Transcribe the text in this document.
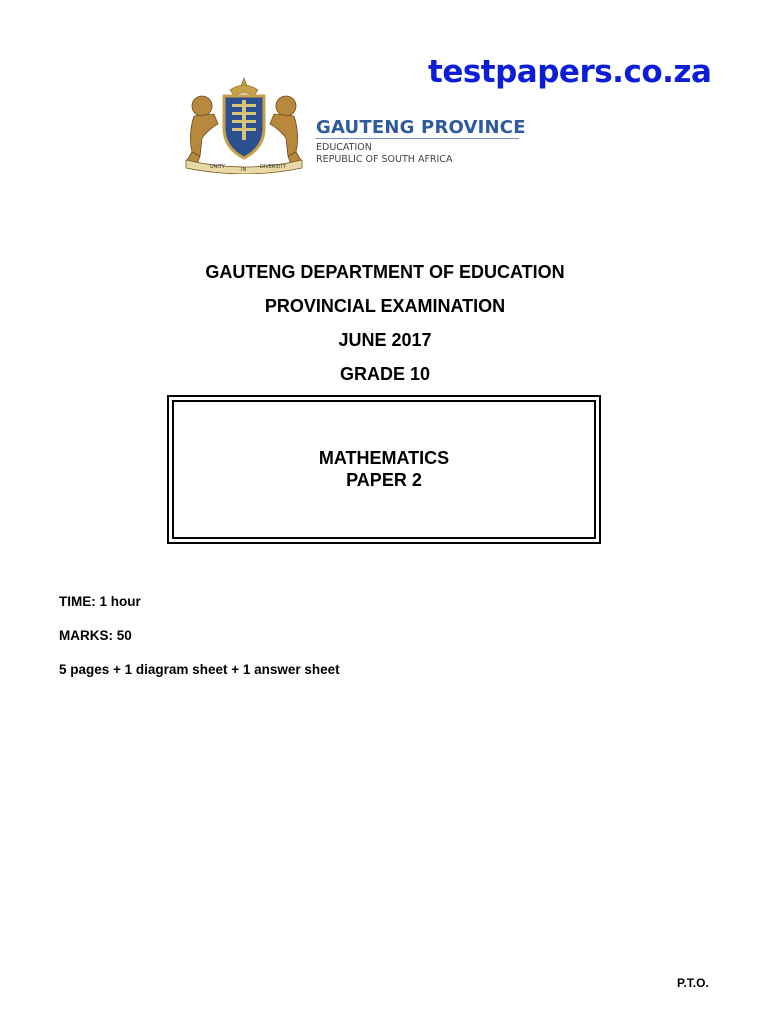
testpapers.co.za
UNITY	IN	DIVERSITY
GAUTENG PROVINCE
EDUCATION
REPUBLIC OF SOUTH AFRICA
GAUTENG DEPARTMENT OF EDUCATION
PROVINCIAL EXAMINATION
JUNE 2017
GRADE 10
MATHEMATICS
PAPER 2
TIME: 1 hour
MARKS: 50
5 pages + 1 diagram sheet + 1 answer sheet
P.T.O.
